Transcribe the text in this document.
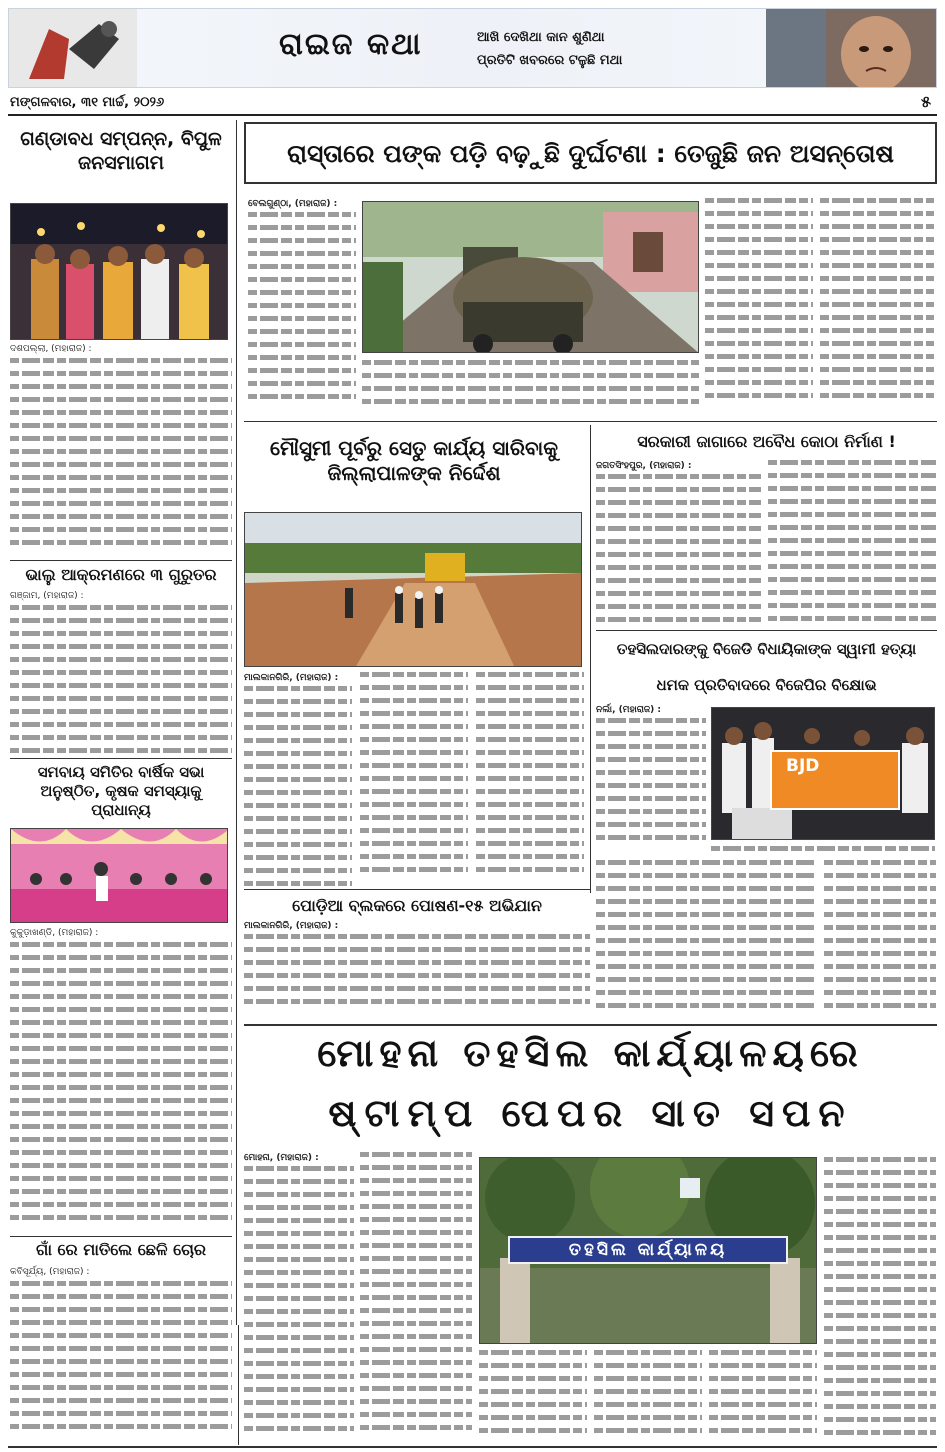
ରାଇଜ କଥା	ଆଖି ଦେଖିଥା କାନ ଶୁଣିଥା
ପ୍ରତିଟି ଖବରରେ ଟଳୁଛି ମଥା
ମଙ୍ଗଳବାର, ୩୧ ମାର୍ଚ୍ଚ, ୨୦୨୬	୫
ଗଣ୍ଡାବଧ ସମ୍ପନ୍ନ, ବିପୁଳ ଜନସମାଗମ
ଦଶପଲ୍ଲା, (ମହାରାଜ) :
ଭାଲୁ ଆକ୍ରମଣରେ ୩ ଗୁରୁତର
ଗଞ୍ଜାମ, (ମହାରାଜ) :
ସମବାୟ ସମିତିର ବାର୍ଷିକ ସଭା ଅନୁଷ୍ଠିତ, କୃଷକ ସମସ୍ୟାକୁ ପ୍ରାଧାନ୍ୟ
କୁକୁଡ଼ାଖଣ୍ଡି, (ମହାରାଜ) :
ଗାଁ ରେ ମାତିଲେ ଛେଳି ଚୋର
କବିସୂର୍ଯ୍ୟ, (ମହାରାଜ) :
ରାସ୍ତାରେ ପଙ୍କ ପଡ଼ି ବଢ଼ୁଛି ଦୁର୍ଘଟଣା : ତେଜୁଛି ଜନ ଅସନ୍ତୋଷ
ବେଲଗୁଣ୍ଠା, (ମହାରାଜ) :
ମୌସୁମୀ ପୂର୍ବରୁ ସେତୁ କାର୍ଯ୍ୟ ସାରିବାକୁ ଜିଲ୍ଲାପାଳଙ୍କ ନିର୍ଦ୍ଦେଶ
ମାଲକାନଗିରି, (ମହାରାଜ) :
ପୋଡ଼ିଆ ବ୍ଲକରେ ପୋଷଣ-୧୫ ଅଭିଯାନ
ମାଲକାନଗିରି, (ମହାରାଜ) :
ସରକାରୀ ଜାଗାରେ ଅବୈଧ କୋଠା ନିର୍ମାଣ !
ଜଗତସିଂହପୁର, (ମହାରାଜ) :
ତହସିଲଦାରଙ୍କୁ ବିଜେଡି ବିଧାୟିକାଙ୍କ ସ୍ୱାମୀ ହତ୍ୟା
ଧମକ ପ୍ରତିବାଦରେ ବିଜେପିର ବିକ୍ଷୋଭ
ନର୍ଲା, (ମହାରାଜ) :
BJD
ମୋହନା ତହସିଲ କାର୍ଯ୍ୟାଳୟରେ
ଷ୍ଟାମ୍ପ ପେପର ସାତ ସପନ
ମୋହନା, (ମହାରାଜ) :
ତହସିଲ କାର୍ଯ୍ୟାଳୟ
